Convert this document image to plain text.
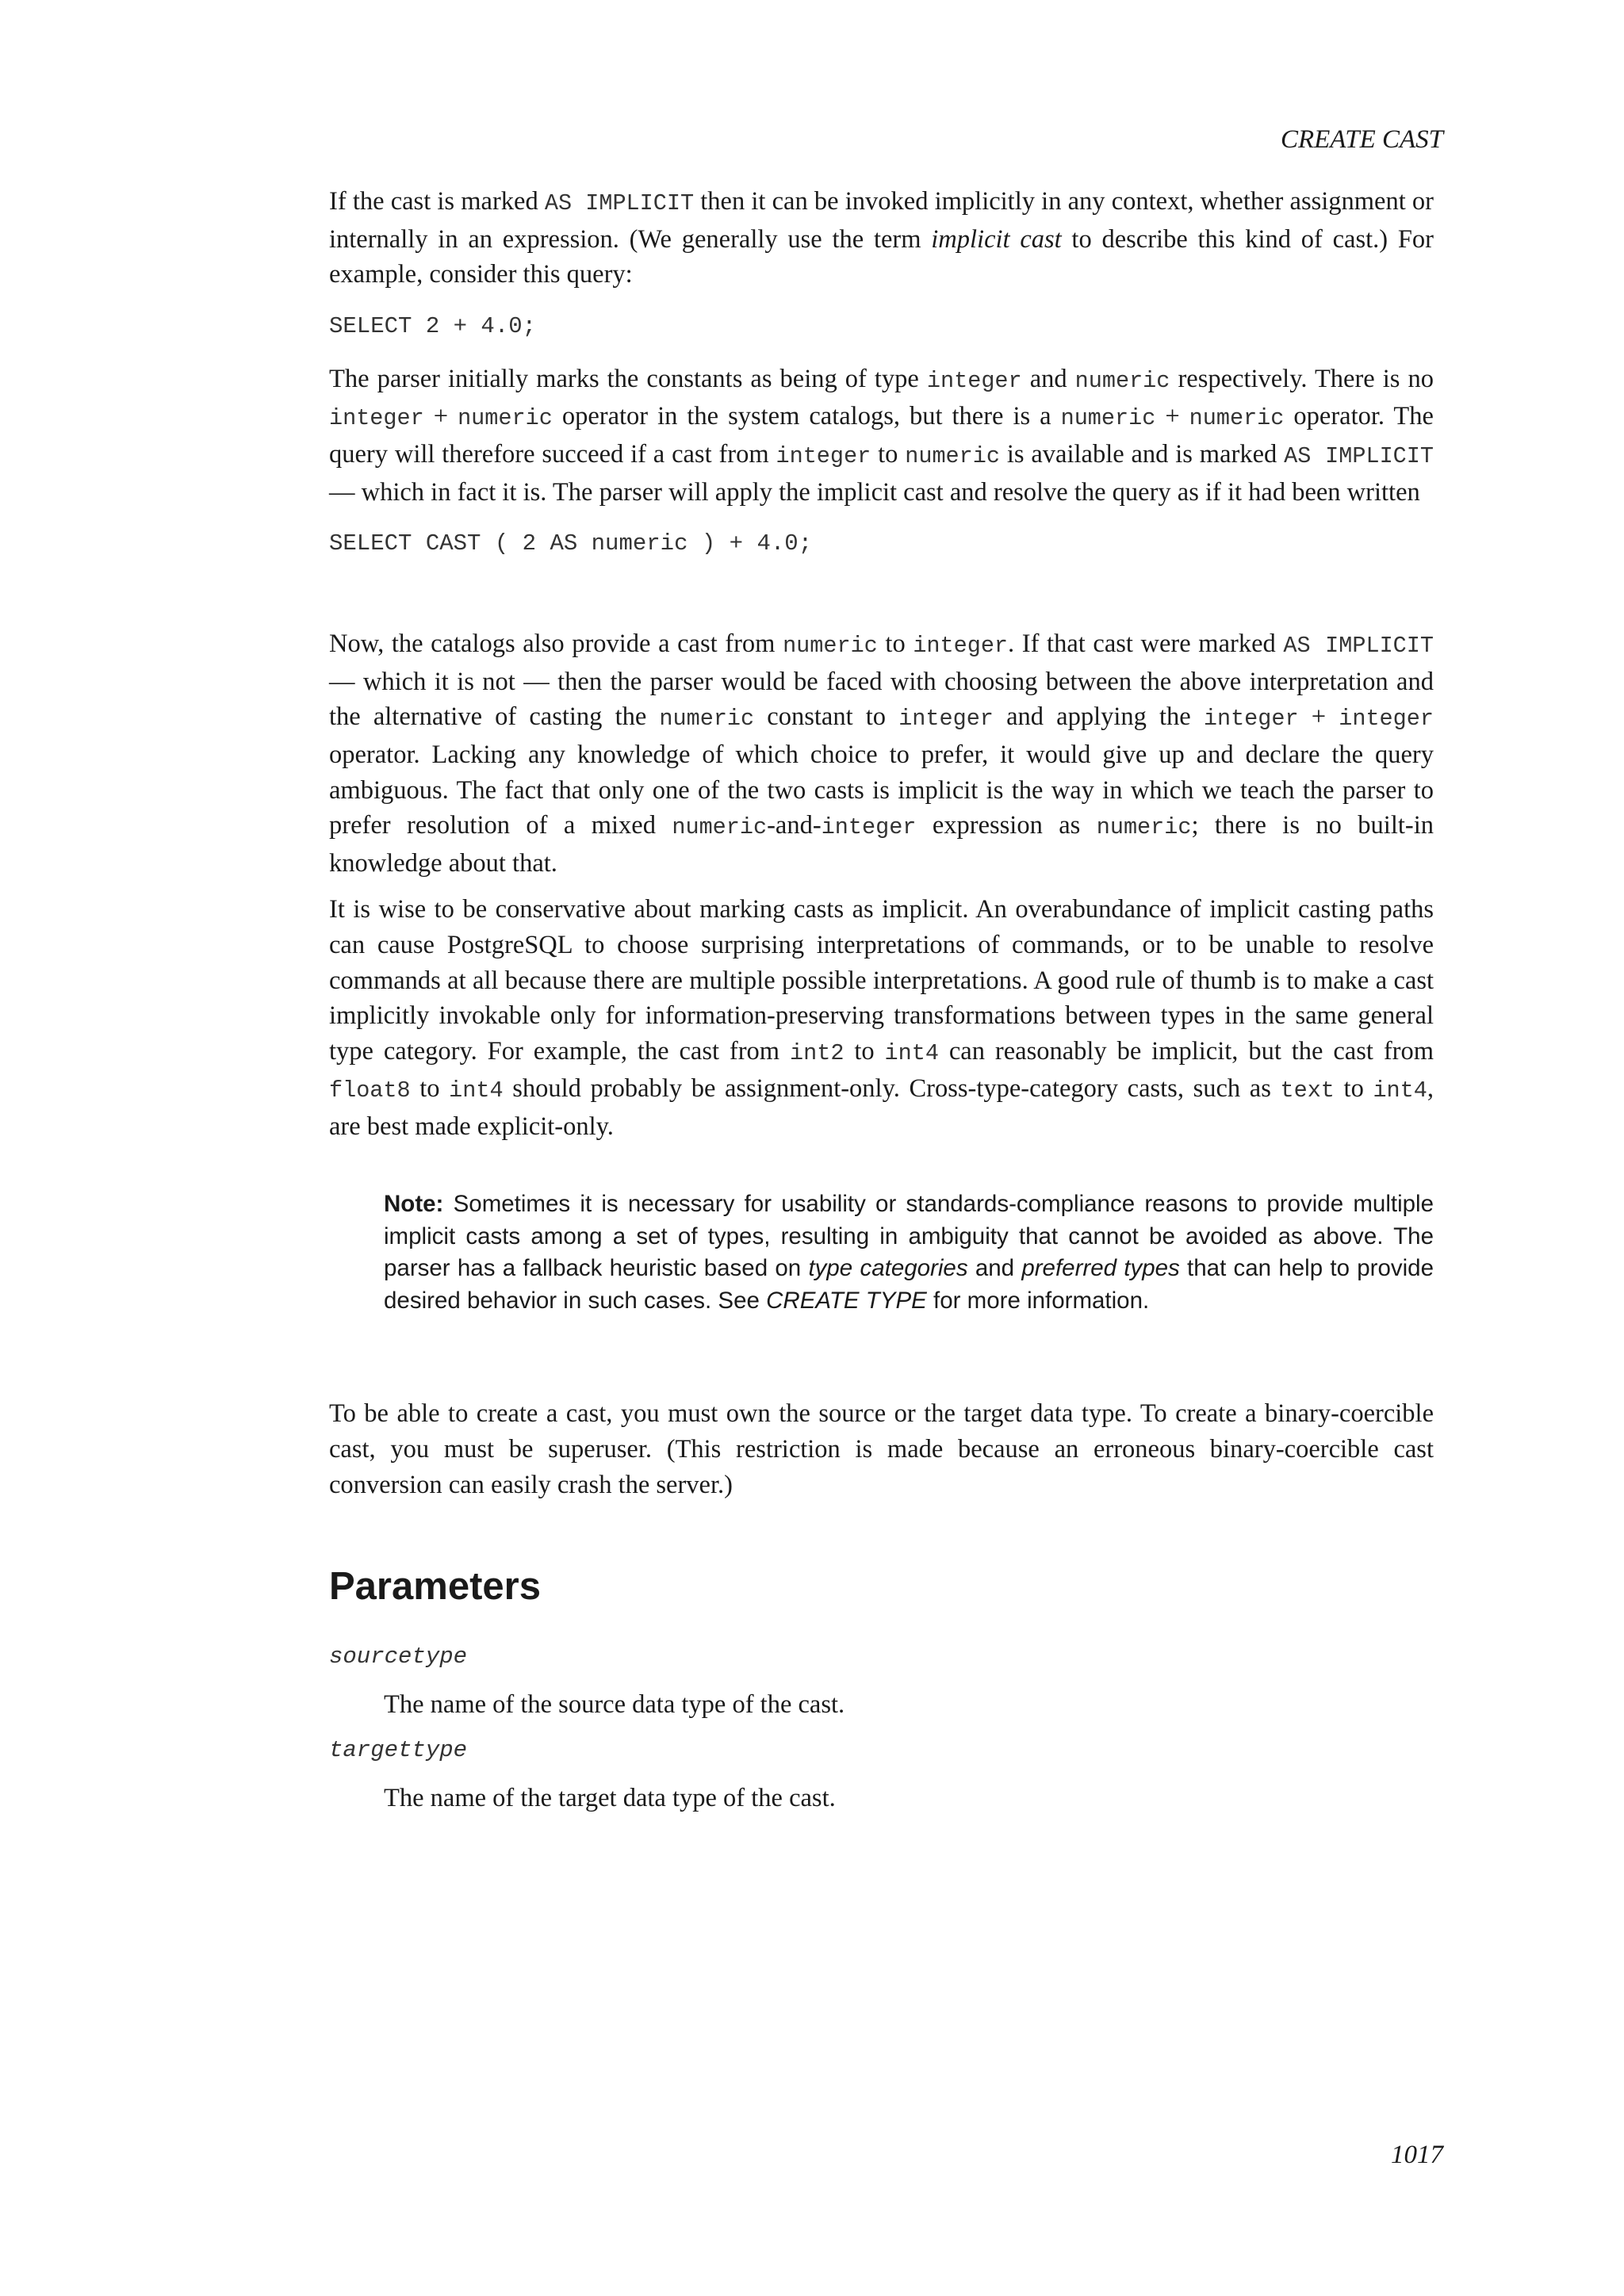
CREATE CAST

If the cast is marked AS IMPLICIT then it can be invoked implicitly in any context, whether assignment or internally in an expression. (We generally use the term implicit cast to describe this kind of cast.) For example, consider this query:

SELECT 2 + 4.0;

The parser initially marks the constants as being of type integer and numeric respectively. There is no integer + numeric operator in the system catalogs, but there is a numeric + numeric operator. The query will therefore succeed if a cast from integer to numeric is available and is marked AS IMPLICIT — which in fact it is. The parser will apply the implicit cast and resolve the query as if it had been written

SELECT CAST ( 2 AS numeric ) + 4.0;

Now, the catalogs also provide a cast from numeric to integer. If that cast were marked AS IMPLICIT — which it is not — then the parser would be faced with choosing between the above interpretation and the alternative of casting the numeric constant to integer and applying the integer + integer operator. Lacking any knowledge of which choice to prefer, it would give up and declare the query ambiguous. The fact that only one of the two casts is implicit is the way in which we teach the parser to prefer resolution of a mixed numeric-and-integer expression as numeric; there is no built-in knowledge about that.

It is wise to be conservative about marking casts as implicit. An overabundance of implicit casting paths can cause PostgreSQL to choose surprising interpretations of commands, or to be unable to resolve commands at all because there are multiple possible interpretations. A good rule of thumb is to make a cast implicitly invokable only for information-preserving transformations between types in the same general type category. For example, the cast from int2 to int4 can reasonably be implicit, but the cast from float8 to int4 should probably be assignment-only. Cross-type-category casts, such as text to int4, are best made explicit-only.

Note: Sometimes it is necessary for usability or standards-compliance reasons to provide multiple implicit casts among a set of types, resulting in ambiguity that cannot be avoided as above. The parser has a fallback heuristic based on type categories and preferred types that can help to provide desired behavior in such cases. See CREATE TYPE for more information.

To be able to create a cast, you must own the source or the target data type. To create a binary-coercible cast, you must be superuser. (This restriction is made because an erroneous binary-coercible cast conversion can easily crash the server.)

Parameters

sourcetype

The name of the source data type of the cast.

targettype

The name of the target data type of the cast.

1017
